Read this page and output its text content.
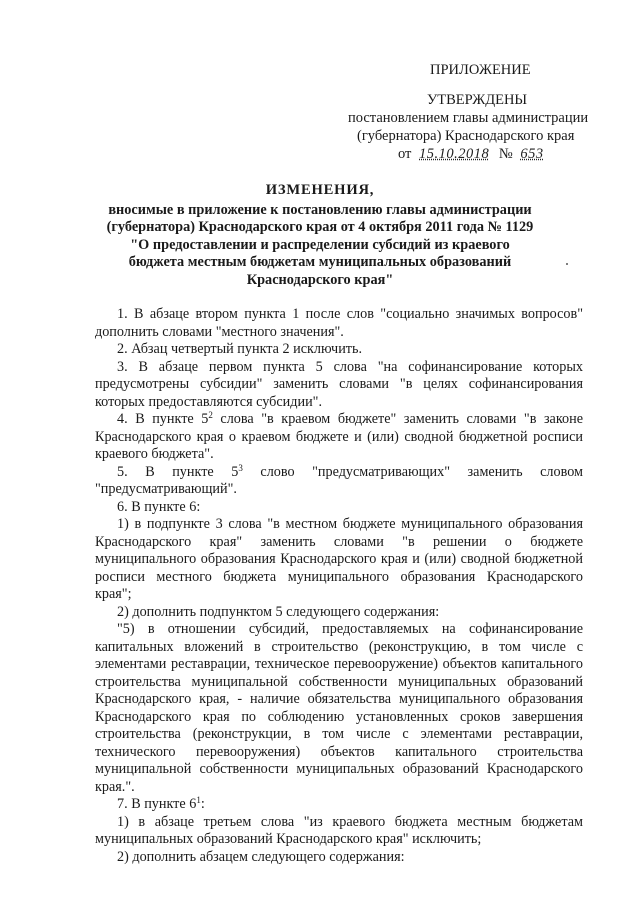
ПРИЛОЖЕНИЕ
УТВЕРЖДЕНЫ
постановлением главы администрации
(губернатора) Краснодарского края
от 15.10.2018 № 653
ИЗМЕНЕНИЯ,
вносимые в приложение к постановлению главы администрации
(губернатора) Краснодарского края от 4 октября 2011 года № 1129
"О предоставлении и распределении субсидий из краевого
бюджета местным бюджетам муниципальных образований
Краснодарского края"

1. В абзаце втором пункта 1 после слов "социально значимых вопросов" дополнить словами "местного значения".

2. Абзац четвертый пункта 2 исключить.

3. В абзаце первом пункта 5 слова "на софинансирование которых предусмотрены субсидии" заменить словами "в целях софинансирования которых предоставляются субсидии".

4. В пункте $5^2$ слова "в краевом бюджете" заменить словами "в законе Краснодарского края о краевом бюджете и (или) сводной бюджетной росписи краевого бюджета".

5. В пункте $5^3$ слово "предусматривающих" заменить словом "предусматривающий".

6. В пункте 6:

1) в подпункте 3 слова "в местном бюджете муниципального образования Краснодарского края" заменить словами "в решении о бюджете муниципального образования Краснодарского края и (или) сводной бюджетной росписи местного бюджета муниципального образования Краснодарского края";

2) дополнить подпунктом 5 следующего содержания:

"5) в отношении субсидий, предоставляемых на софинансирование капитальных вложений в строительство (реконструкцию, в том числе с элементами реставрации, техническое перевооружение) объектов капитального строительства муниципальной собственности муниципальных образований Краснодарского края, - наличие обязательства муниципального образования Краснодарского края по соблюдению установленных сроков завершения строительства (реконструкции, в том числе с элементами реставрации, технического перевооружения) объектов капитального строительства муниципальной собственности муниципальных образований Краснодарского края.".

7. В пункте $6^1$:

1) в абзаце третьем слова "из краевого бюджета местным бюджетам муниципальных образований Краснодарского края" исключить;

2) дополнить абзацем следующего содержания:
